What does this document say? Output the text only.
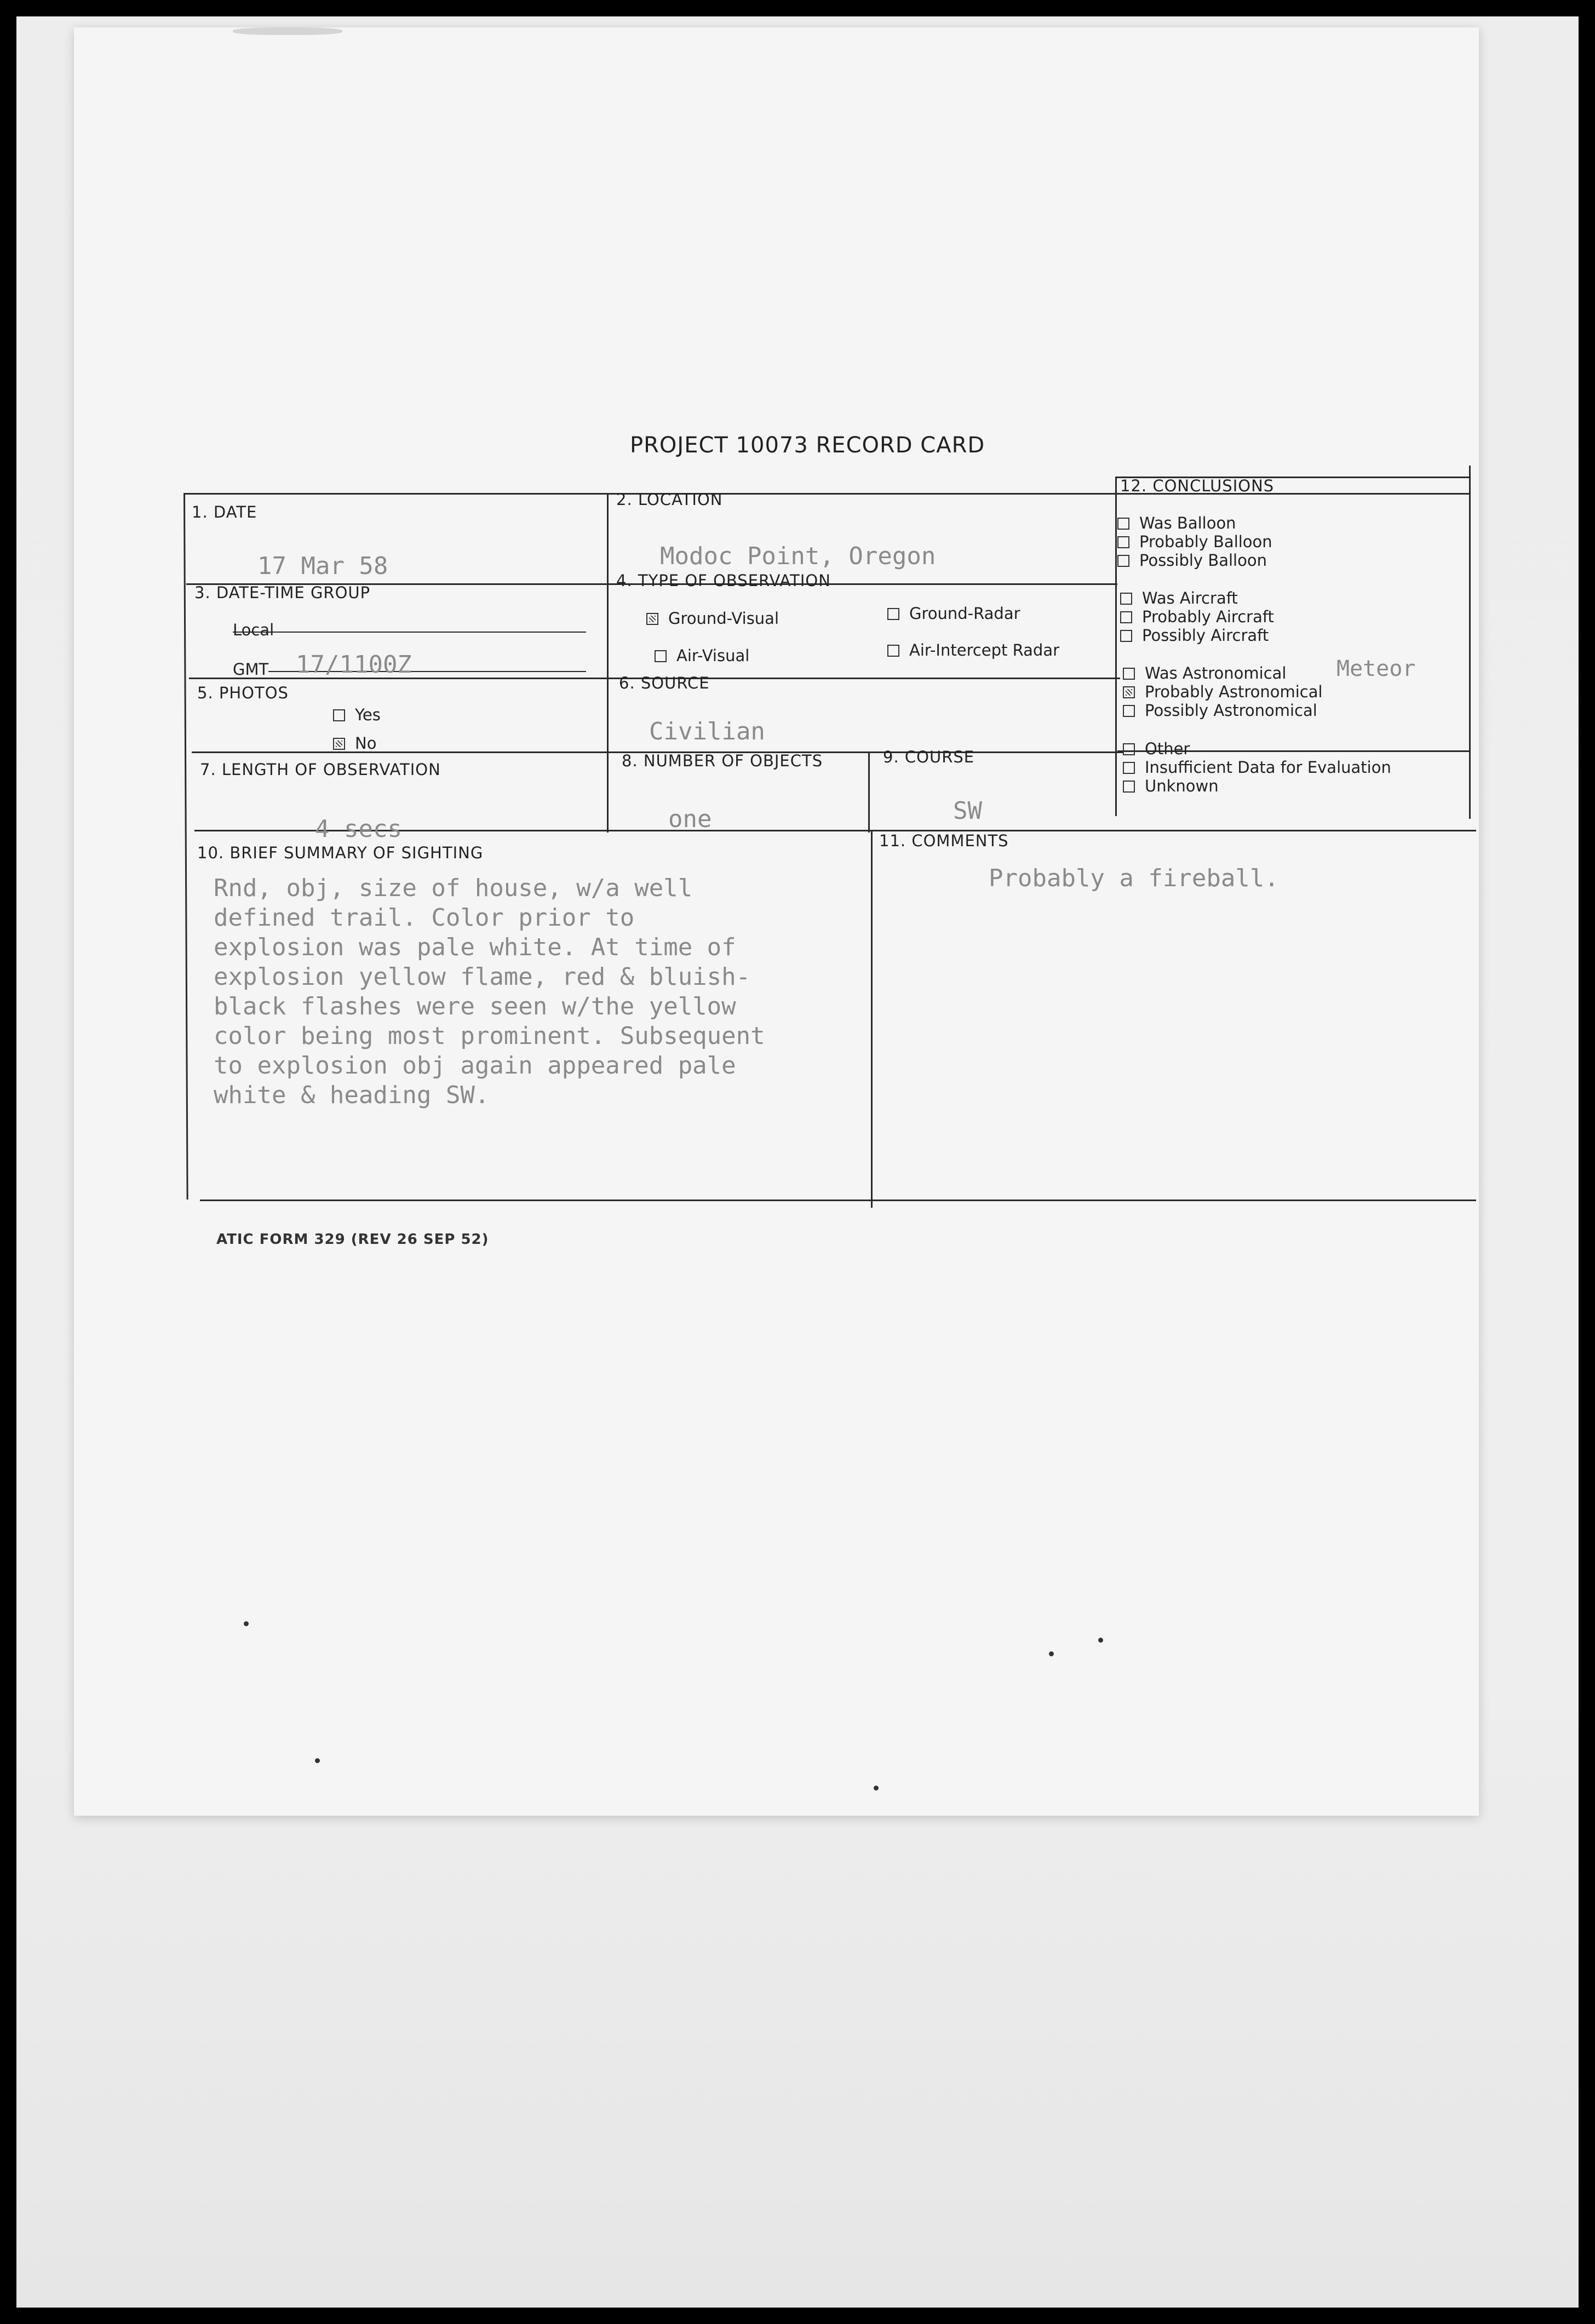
PROJECT 10073 RECORD CARD
1. DATE
17 Mar 58
2. LOCATION
Modoc Point, Oregon
3. DATE-TIME GROUP
Local
GMT 17/1100Z
4. TYPE OF OBSERVATION
Ground-Visual	Ground-Radar
Air-Visual	Air-Intercept Radar
5. PHOTOS
Yes
No
6. SOURCE
Civilian
7. LENGTH OF OBSERVATION
4 secs
8. NUMBER OF OBJECTS
one
9. COURSE
SW
10. BRIEF SUMMARY OF SIGHTING
Rnd, obj, size of house, w/a well
defined trail. Color prior to
explosion was pale white. At time of
explosion yellow flame, red & bluish-
black flashes were seen w/the yellow
color being most prominent. Subsequent
to explosion obj again appeared pale
white & heading SW.
11. COMMENTS
Probably a fireball.
12. CONCLUSIONS
Was Balloon
Probably Balloon
Possibly Balloon
Was Aircraft
Probably Aircraft
Possibly Aircraft
Was Astronomical
Probably Astronomical
Possibly Astronomical
Other
Insufficient Data for Evaluation
Unknown
Meteor
ATIC FORM 329 (REV 26 SEP 52)
